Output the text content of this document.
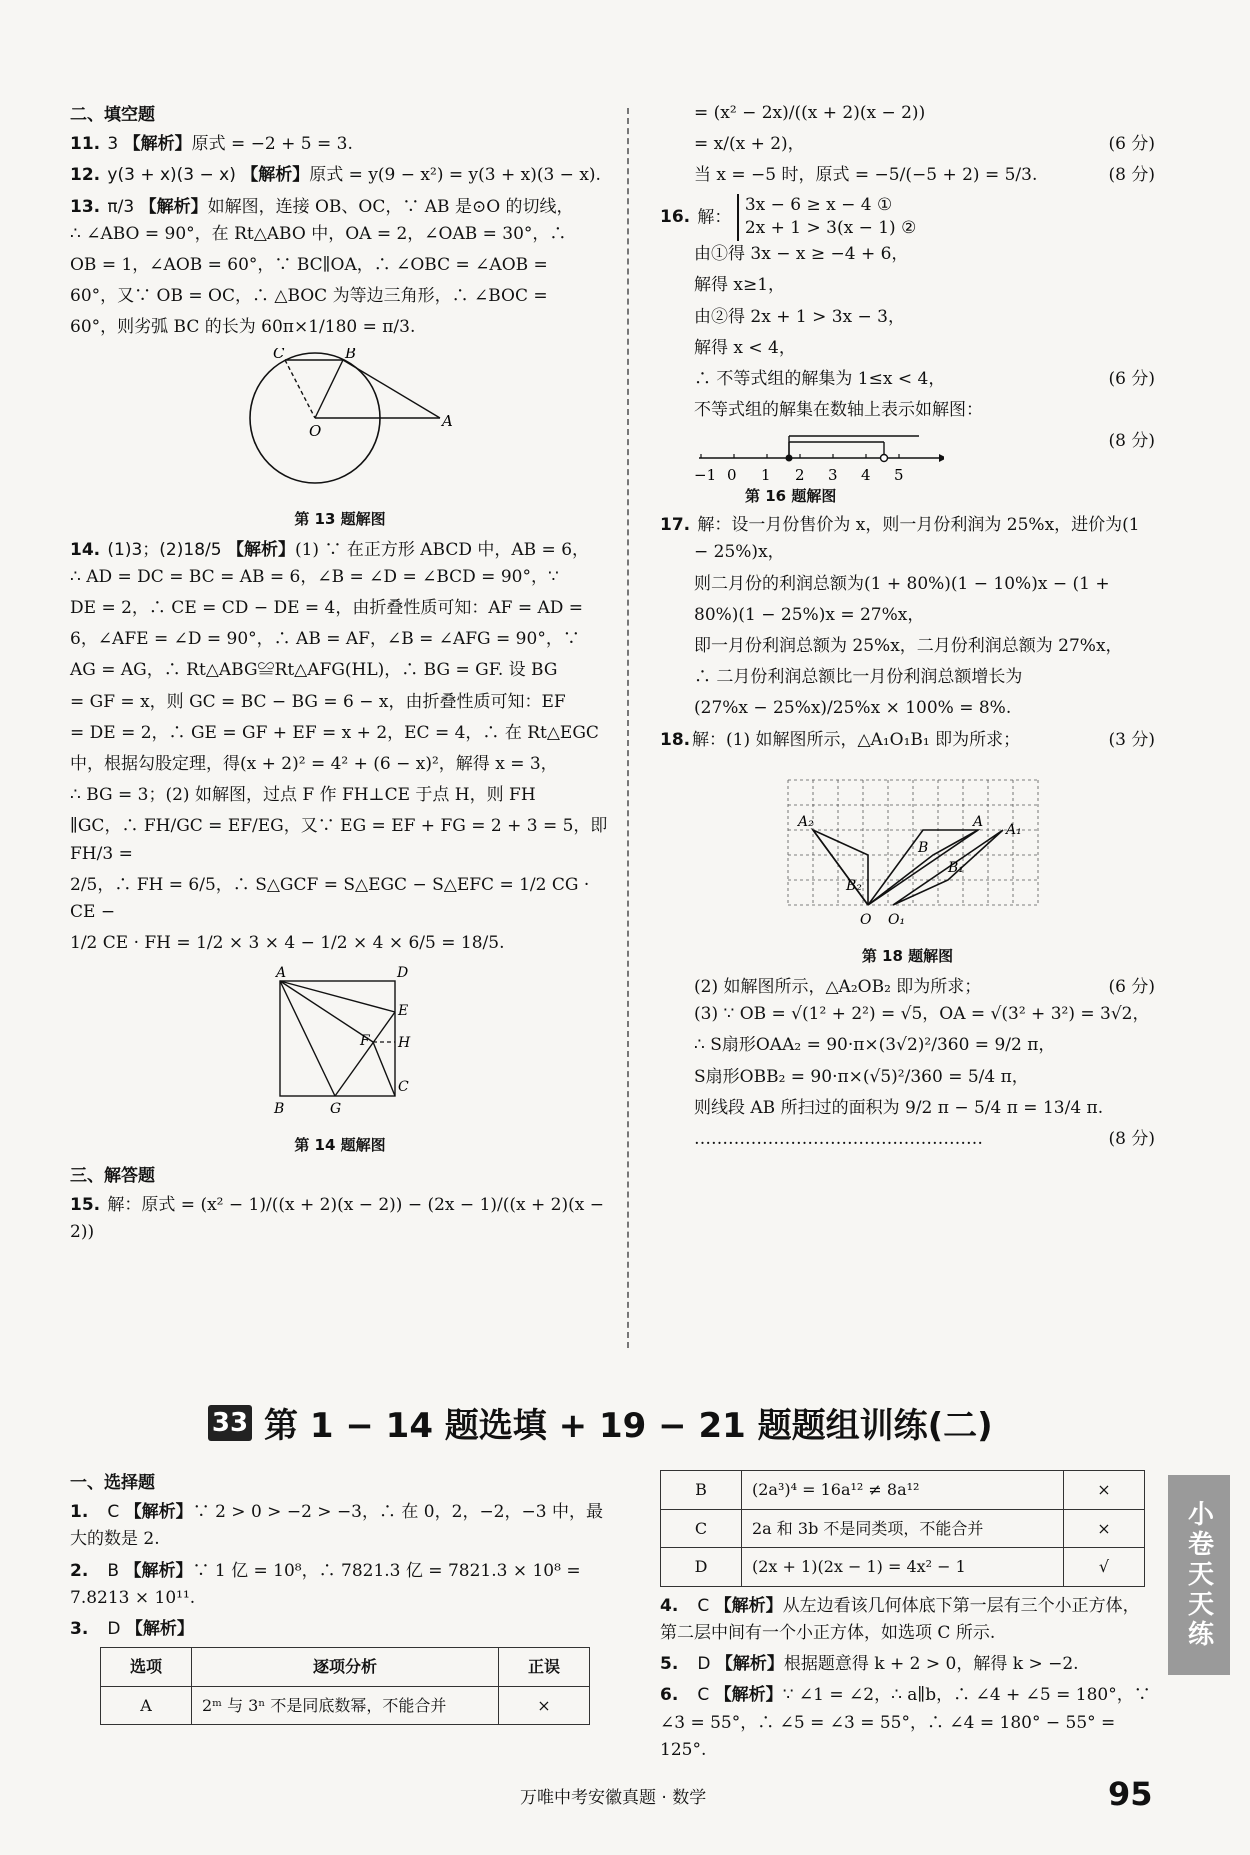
二、填空题
11. 3 【解析】原式 = −2 + 5 = 3.
12. y(3 + x)(3 − x) 【解析】原式 = y(9 − x²) = y(3 + x)(3 − x).
13. π/3 【解析】如解图，连接 OB、OC，∵ AB 是⊙O 的切线，
∴ ∠ABO = 90°，在 Rt△ABO 中，OA = 2，∠OAB = 30°，∴
OB = 1，∠AOB = 60°，∵ BC∥OA，∴ ∠OBC = ∠AOB =
60°，又∵ OB = OC，∴ △BOC 为等边三角形，∴ ∠BOC =
60°，则劣弧 BC 的长为 60π×1/180 = π/3.
C	B
O
A
第 13 题解图
14. (1)3；(2)18/5 【解析】(1) ∵ 在正方形 ABCD 中，AB = 6，
∴ AD = DC = BC = AB = 6，∠B = ∠D = ∠BCD = 90°，∵
DE = 2，∴ CE = CD − DE = 4，由折叠性质可知：AF = AD =
6，∠AFE = ∠D = 90°，∴ AB = AF，∠B = ∠AFG = 90°，∵
AG = AG，∴ Rt△ABG≌Rt△AFG(HL)，∴ BG = GF. 设 BG
= GF = x，则 GC = BC − BG = 6 − x，由折叠性质可知：EF
= DE = 2，∴ GE = GF + EF = x + 2，EC = 4，∴ 在 Rt△EGC
中，根据勾股定理，得(x + 2)² = 4² + (6 − x)²，解得 x = 3，
∴ BG = 3；(2) 如解图，过点 F 作 FH⊥CE 于点 H，则 FH
∥GC，∴ FH/GC = EF/EG，又∵ EG = EF + FG = 2 + 3 = 5，即 FH/3 =
2/5，∴ FH = 6/5，∴ S△GCF = S△EGC − S△EFC = 1/2 CG · CE −
1/2 CE · FH = 1/2 × 3 × 4 − 1/2 × 4 × 6/5 = 18/5.
A	D
E
F H
C
B	G
第 14 题解图
三、解答题
15. 解：原式 = (x² − 1)/((x + 2)(x − 2)) − (2x − 1)/((x + 2)(x − 2))
= (x² − 2x)/((x + 2)(x − 2))
= x/(x + 2)，	(6 分)
当 x = −5 时，原式 = −5/(−5 + 2) = 5/3.	(8 分)
16. 解： 3x − 6 ≥ x − 4 ①
2x + 1 > 3(x − 1) ②
由①得 3x − x ≥ −4 + 6，
解得 x≥1，
由②得 2x + 1 > 3x − 3，
解得 x < 4，
∴ 不等式组的解集为 1≤x < 4，	(6 分)
不等式组的解集在数轴上表示如解图：
−1 0 1 2 3 4 5
(8 分)
第 16 题解图
17. 解：设一月份售价为 x，则一月份利润为 25%x，进价为(1
− 25%)x，
则二月份的利润总额为(1 + 80%)(1 − 10%)x − (1 +
80%)(1 − 25%)x = 27%x，
即一月份利润总额为 25%x，二月份利润总额为 27%x，
∴ 二月份利润总额比一月份利润总额增长为
(27%x − 25%x)/25%x × 100% = 8%.
18. 解：(1) 如解图所示，△A₁O₁B₁ 即为所求；	(3 分)
A₂	A A₁
B
B₁
B₂
O O₁
第 18 题解图
(2) 如解图所示，△A₂OB₂ 即为所求；	(6 分)
(3) ∵ OB = √(1² + 2²) = √5，OA = √(3² + 3²) = 3√2，
∴ S扇形OAA₂ = 90·π×(3√2)²/360 = 9/2 π，
S扇形OBB₂ = 90·π×(√5)²/360 = 5/4 π，
则线段 AB 所扫过的面积为 9/2 π − 5/4 π = 13/4 π.
……………………………………………	(8 分)
33 第 1 − 14 题选填 + 19 − 21 题题组训练(二)
一、选择题
1. C 【解析】∵ 2 > 0 > −2 > −3，∴ 在 0，2，−2，−3 中，最大的数是 2.
2. B 【解析】∵ 1 亿 = 10⁸，∴ 7821.3 亿 = 7821.3 × 10⁸ = 7.8213 × 10¹¹.
3. D 【解析】
选项	逐项分析	正误
A	2ᵐ 与 3ⁿ 不是同底数幂，不能合并	×
B	(2a³)⁴ = 16a¹² ≠ 8a¹²	×
C	2a 和 3b 不是同类项，不能合并	×
D	(2x + 1)(2x − 1) = 4x² − 1	√
4. C 【解析】从左边看该几何体底下第一层有三个小正方体，第二层中间有一个小正方体，如选项 C 所示.
5. D 【解析】根据题意得 k + 2 > 0，解得 k > −2.
6. C 【解析】∵ ∠1 = ∠2，∴ a∥b，∴ ∠4 + ∠5 = 180°，∵ ∠3 = 55°，∴ ∠5 = ∠3 = 55°，∴ ∠4 = 180° − 55° = 125°.
小卷天天练
万唯中考安徽真题 · 数学	95
